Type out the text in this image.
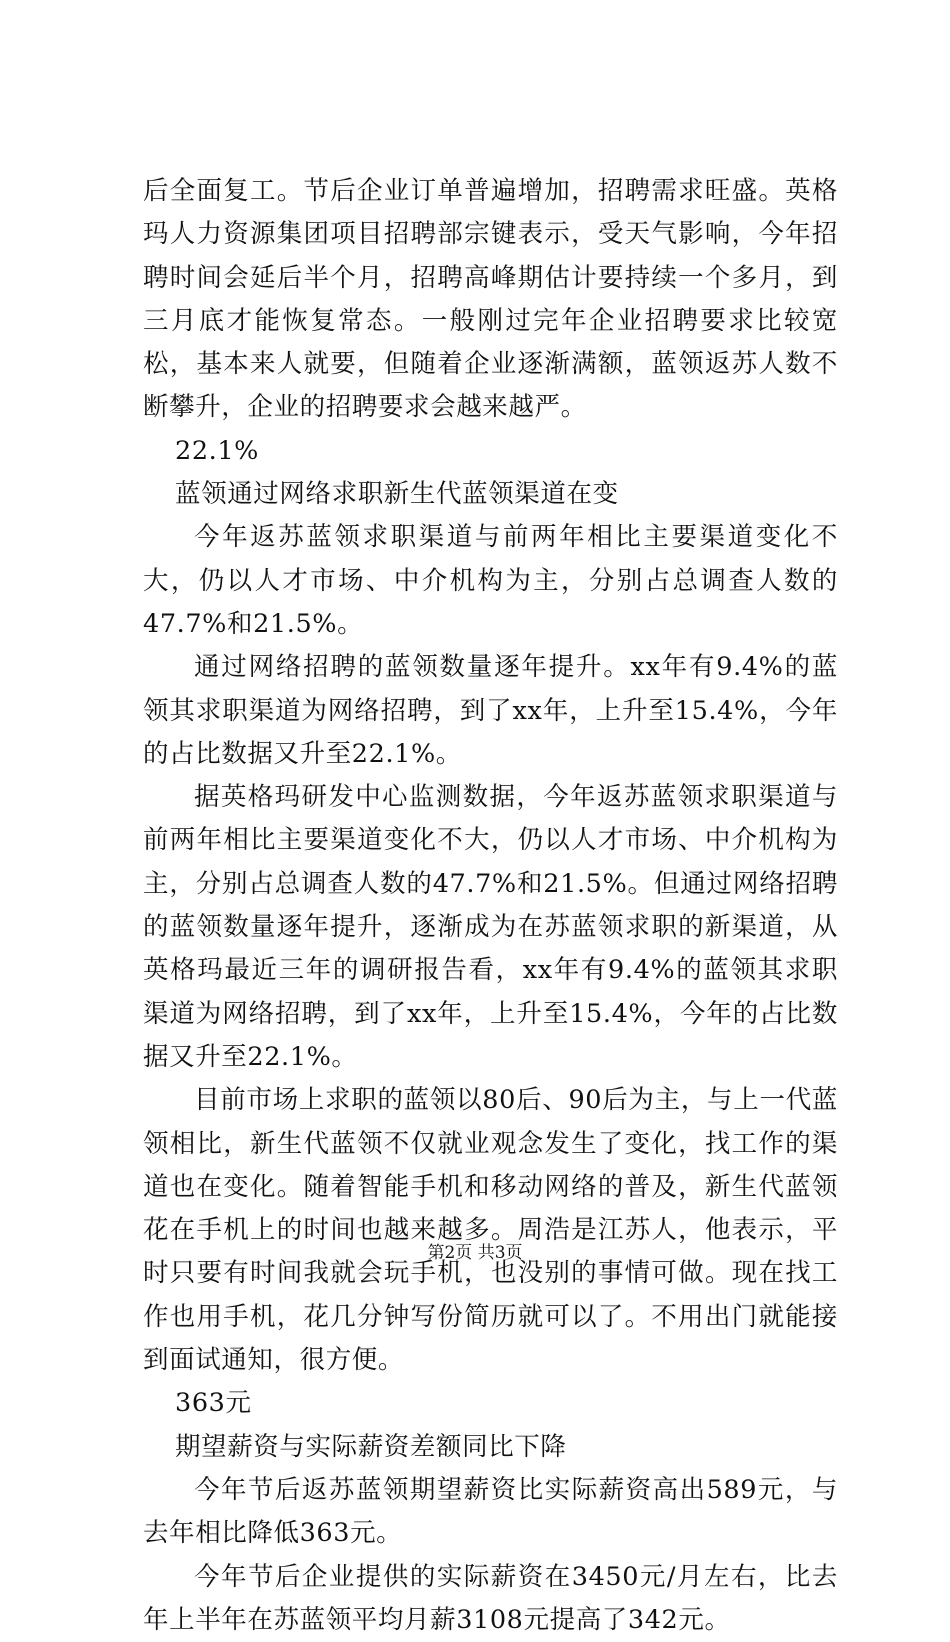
后全面复工。节后企业订单普遍增加，招聘需求旺盛。英格玛人力资源集团项目招聘部宗键表示，受天气影响，今年招聘时间会延后半个月，招聘高峰期估计要持续一个多月，到三月底才能恢复常态。一般刚过完年企业招聘要求比较宽松，基本来人就要，但随着企业逐渐满额，蓝领返苏人数不断攀升，企业的招聘要求会越来越严。

22.1%

蓝领通过网络求职新生代蓝领渠道在变

今年返苏蓝领求职渠道与前两年相比主要渠道变化不大，仍以人才市场、中介机构为主，分别占总调查人数的47.7%和21.5%。

通过网络招聘的蓝领数量逐年提升。xx年有9.4%的蓝领其求职渠道为网络招聘，到了xx年，上升至15.4%，今年的占比数据又升至22.1%。

据英格玛研发中心监测数据，今年返苏蓝领求职渠道与前两年相比主要渠道变化不大，仍以人才市场、中介机构为主，分别占总调查人数的47.7%和21.5%。但通过网络招聘的蓝领数量逐年提升，逐渐成为在苏蓝领求职的新渠道，从英格玛最近三年的调研报告看，xx年有9.4%的蓝领其求职渠道为网络招聘，到了xx年，上升至15.4%，今年的占比数据又升至22.1%。

目前市场上求职的蓝领以80后、90后为主，与上一代蓝领相比，新生代蓝领不仅就业观念发生了变化，找工作的渠道也在变化。随着智能手机和移动网络的普及，新生代蓝领花在手机上的时间也越来越多。周浩是江苏人，他表示，平时只要有时间我就会玩手机，也没别的事情可做。现在找工作也用手机，花几分钟写份简历就可以了。不用出门就能接到面试通知，很方便。

363元

期望薪资与实际薪资差额同比下降

今年节后返苏蓝领期望薪资比实际薪资高出589元，与去年相比降低363元。

今年节后企业提供的实际薪资在3450元/月左右，比去年上半年在苏蓝领平均月薪3108元提高了342元。

第2页 共3页
